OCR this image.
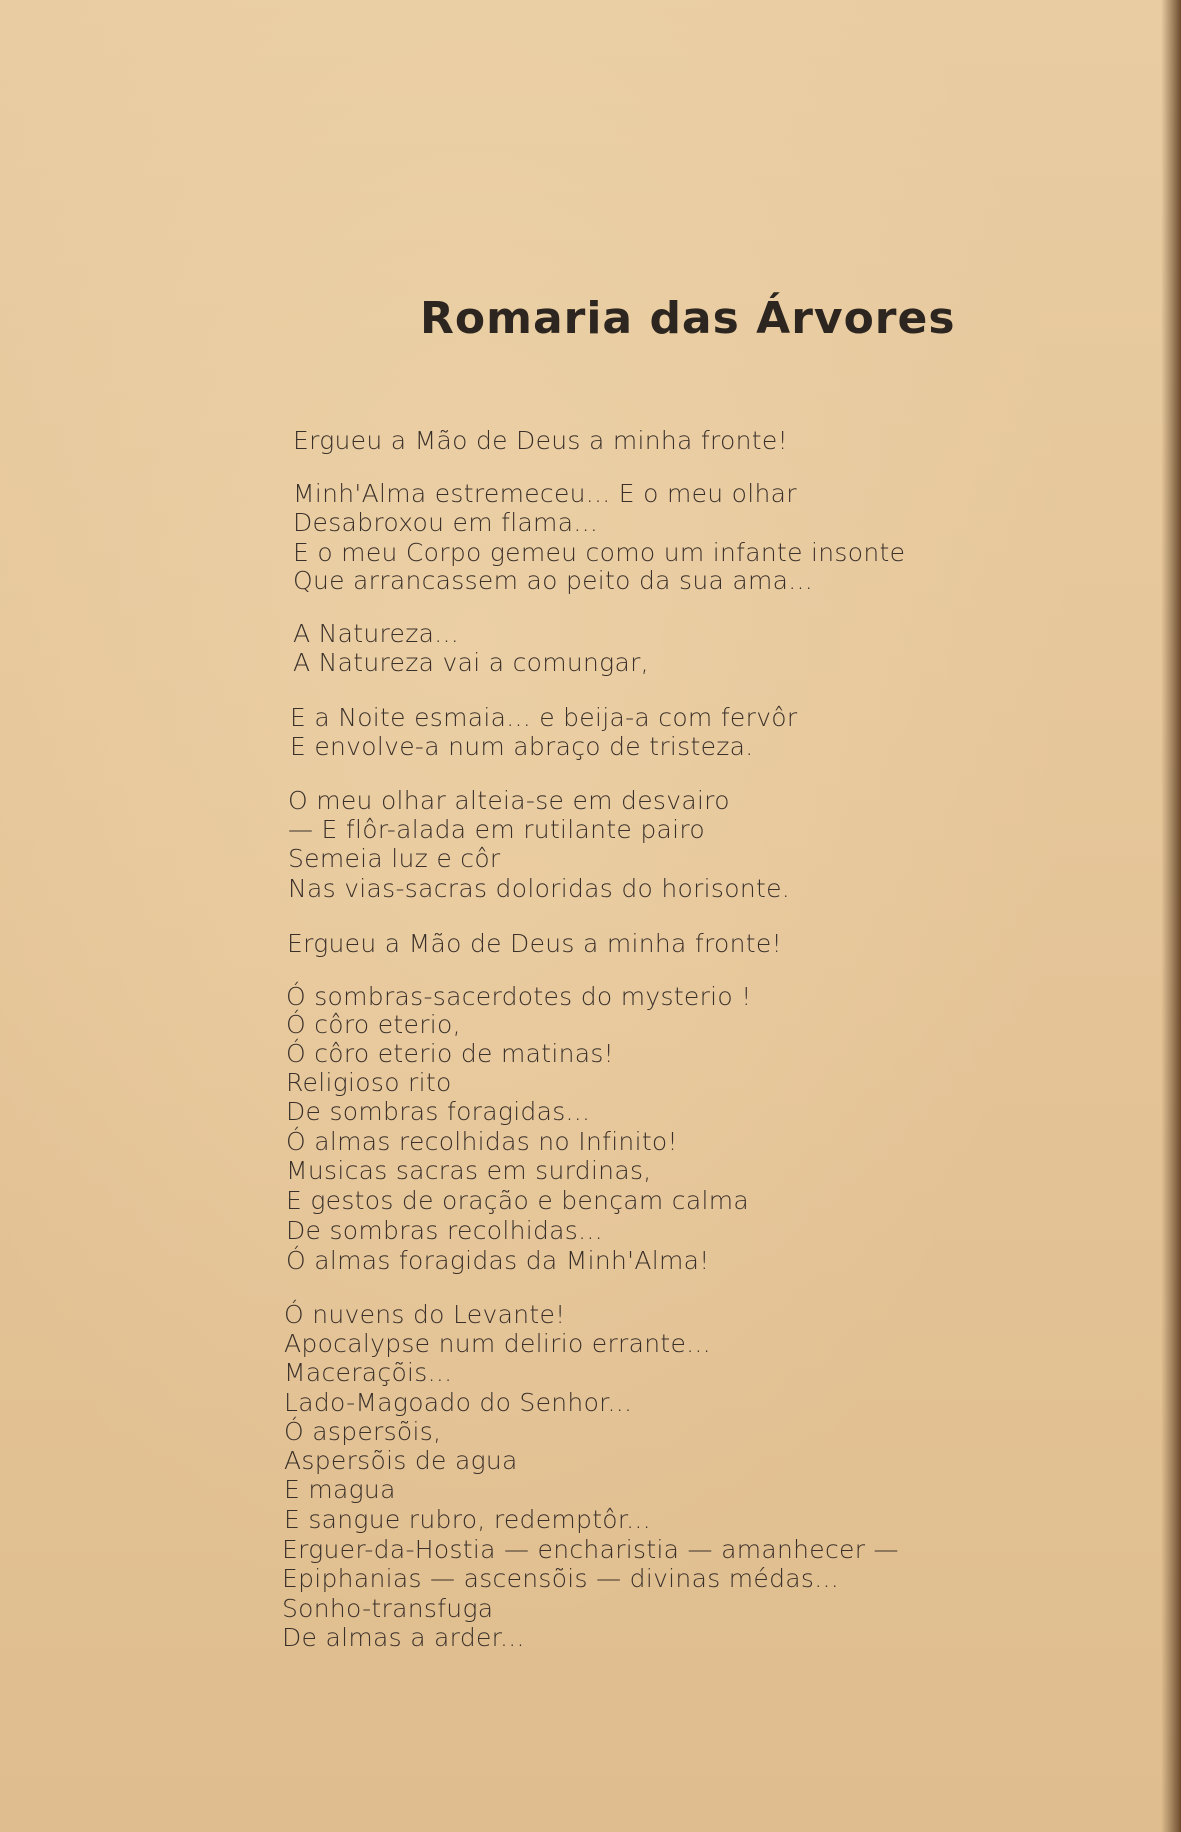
Romaria das Árvores
Ergueu a Mão de Deus a minha fronte!
Minh'Alma estremeceu... E o meu olhar
Desabroxou em flama...
E o meu Corpo gemeu como um infante insonte
Que arrancassem ao peito da sua ama...
A Natureza...
A Natureza vai a comungar,
E a Noite esmaia... e beija-a com fervôr
E envolve-a num abraço de tristeza.
O meu olhar alteia-se em desvairo
— E flôr-alada em rutilante pairo
Semeia luz e côr
Nas vias-sacras doloridas do horisonte.
Ergueu a Mão de Deus a minha fronte!
Ó sombras-sacerdotes do mysterio !
Ó côro eterio,
Ó côro eterio de matinas!
Religioso rito
De sombras foragidas...
Ó almas recolhidas no Infinito!
Musicas sacras em surdinas,
E gestos de oração e bençam calma
De sombras recolhidas...
Ó almas foragidas da Minh'Alma!
Ó nuvens do Levante!
Apocalypse num delirio errante...
Maceraçõis...
Lado-Magoado do Senhor...
Ó aspersõis,
Aspersõis de agua
E magua
E sangue rubro, redemptôr...
Erguer-da-Hostia — encharistia — amanhecer —
Epiphanias — ascensõis — divinas médas...
Sonho-transfuga
De almas a arder...
